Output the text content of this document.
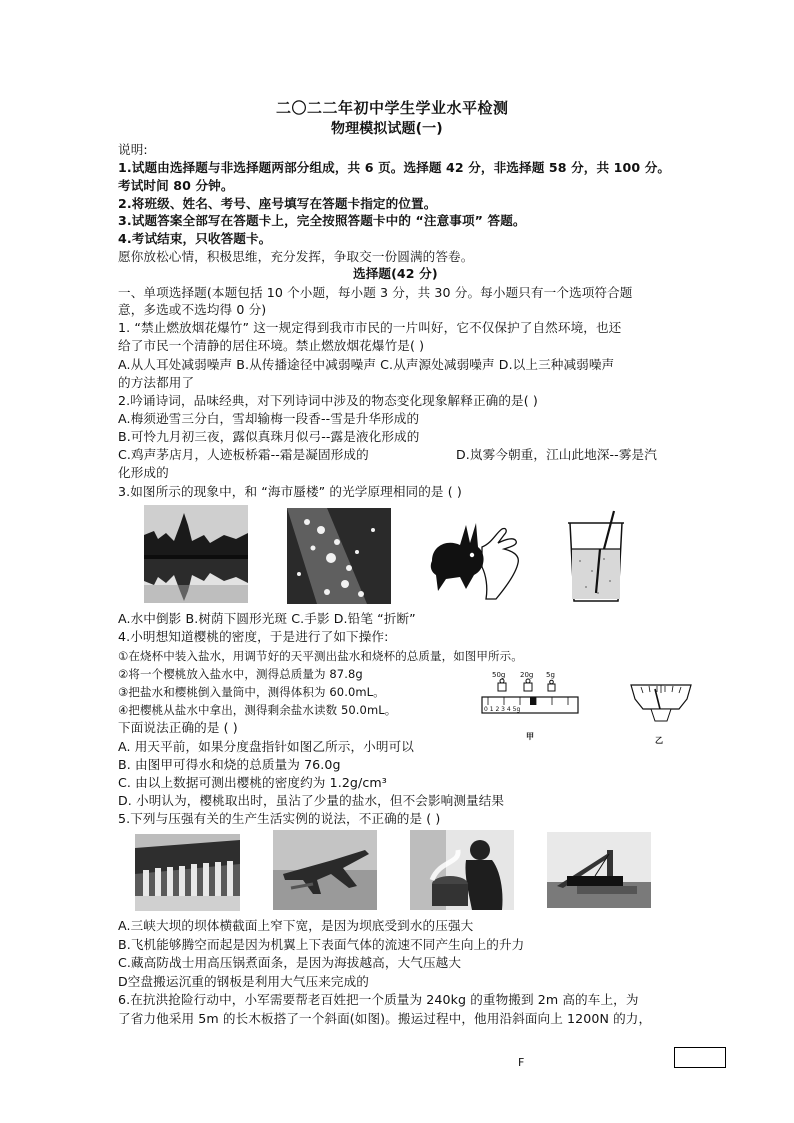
二〇二二年初中学生学业水平检测
物理模拟试题(一)
说明:
1.试题由选择题与非选择题两部分组成，共 6 页。选择题 42 分，非选择题 58 分，共 100 分。
考试时间 80 分钟。
2.将班级、姓名、考号、座号填写在答题卡指定的位置。
3.试题答案全部写在答题卡上，完全按照答题卡中的 “注意事项” 答题。
4.考试结束，只收答题卡。
愿你放松心情，积极思维，充分发挥，争取交一份圆满的答卷。
选择题(42 分)
一、单项选择题(本题包括 10 个小题，每小题 3 分，共 30 分。每小题只有一个选项符合题
意，多选或不选均得 0 分)
1. “禁止燃放烟花爆竹” 这一规定得到我市市民的一片叫好，它不仅保护了自然环境，也还
给了市民一个清静的居住环境。禁止燃放烟花爆竹是( )
A.从人耳处减弱噪声 B.从传播途径中减弱噪声 C.从声源处减弱噪声 D.以上三种减弱噪声
的方法都用了
2.吟诵诗词，品味经典，对下列诗词中涉及的物态变化现象解释正确的是( )
A.梅须逊雪三分白，雪却输梅一段香--雪是升华形成的
B.可怜九月初三夜，露似真珠月似弓--露是液化形成的
C.鸡声茅店月，人迹板桥霜--霜是凝固形成的	D.岚雾今朝重，江山此地深--雾是汽
化形成的
3.如图所示的现象中，和 “海市蜃楼” 的光学原理相同的是 ( )
A.水中倒影 B.树荫下圆形光斑 C.手影 D.铅笔 “折断”
4.小明想知道樱桃的密度，于是进行了如下操作:
①在烧杯中装入盐水，用调节好的天平测出盐水和烧杯的总质量，如图甲所示。
②将一个樱桃放入盐水中，测得总质量为 87.8g
③把盐水和樱桃倒入量筒中，测得体积为 60.0mL。
④把樱桃从盐水中拿出，测得剩余盐水读数 50.0mL。
下面说法正确的是 ( )
A. 用天平前，如果分度盘指针如图乙所示，小明可以
B. 由图甲可得水和烧的总质量为 76.0g
C. 由以上数据可测出樱桃的密度约为 1.2g/cm³
D. 小明认为，樱桃取出时，虽沾了少量的盐水，但不会影响测量结果
50g 20g 5g
0 1 2 3 4 5g
甲	乙
5.下列与压强有关的生产生活实例的说法，不正确的是 ( )
A.三峡大坝的坝体横截面上窄下宽，是因为坝底受到水的压强大
B.飞机能够腾空而起是因为机翼上下表面气体的流速不同产生向上的升力
C.藏高防战士用高压锅煮面条，是因为海拔越高，大气压越大
D空盘搬运沉重的钢板是利用大气压来完成的
6.在抗洪抢险行动中，小军需要帮老百姓把一个质量为 240kg 的重物搬到 2m 高的车上，为
了省力他采用 5m 的长木板搭了一个斜面(如图)。搬运过程中，他用沿斜面向上 1200N 的力，
F
